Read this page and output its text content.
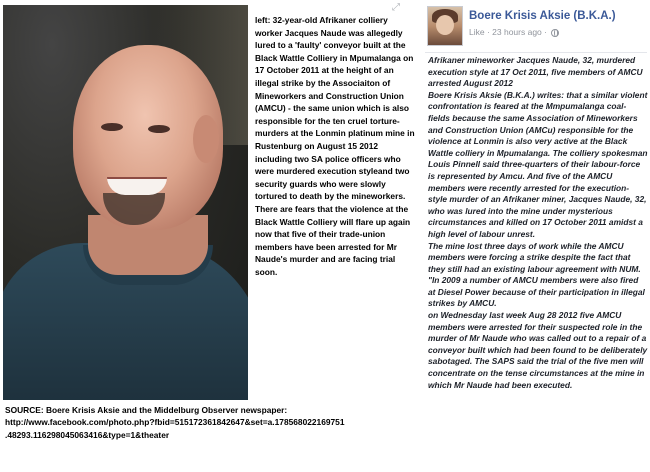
left: 32-year-old Afrikaner colliery worker Jacques Naude was allegedly lured to a 'faulty' conveyor built at the Black Wattle Colliery in Mpumalanga on 17 October 2011 at the height of an illegal strike by the Associaiton of Mineworkers and Construction Union (AMCU) - the same union which is also responsible for the ten cruel torture-murders at the Lonmin platinum mine in Rustenburg on August 15 2012 including two SA police officers who were murdered execution styleand two security guards who were slowly tortured to death by the mineworkers. There are fears that the violence at the Black Wattle Colliery will flare up again now that five of their trade-union members have been arrested for Mr Naude's murder and are facing trial soon.
SOURCE: Boere Krisis Aksie and the Middelburg Observer newspaper:
http://www.facebook.com/photo.php?fbid=515172361842647&set=a.178568022169751
.48293.116298045063416&type=1&theater
Boere Krisis Aksie (B.K.A.)
Like · 23 hours ago ·
⤢

Afrikaner mineworker Jacques Naude, 32, murdered execution style at 17 Oct 2011, five members of AMCU arrested August 2012

Boere Krisis Aksie (B.K.A.) writes: that a similar violent confrontation is feared at the Mmpumalanga coal-fields because the same Association of Mineworkers and Construction Union (AMCu) responsible for the violence at Lonmin is also very active at the Black Wattle colliery in Mpumalanga. The colliery spokesman Louis Pinnell said three-quarters of their labour-force is represented by Amcu. And five of the AMCU members were recently arrested for the execution-style murder of an Afrikaner miner, Jacques Naude, 32, who was lured into the mine under mysterious circumstances and killed on 17 October 2011 amidst a high level of labour unrest.

The mine lost three days of work while the AMCU members were forcing a strike despite the fact that they still had an existing labour agreement with NUM.

"In 2009 a number of AMCU members were also fired at Diesel Power because of their participation in illegal strikes by AMCU.

on Wednesday last week Aug 28 2012 five AMCU members were arrested for their suspected role in the murder of Mr Naude who was called out to a repair of a conveyor built which had been found to be deliberately sabotaged. The SAPS said the trial of the five men will concentrate on the tense circumstances at the mine in which Mr Naude had been executed.
